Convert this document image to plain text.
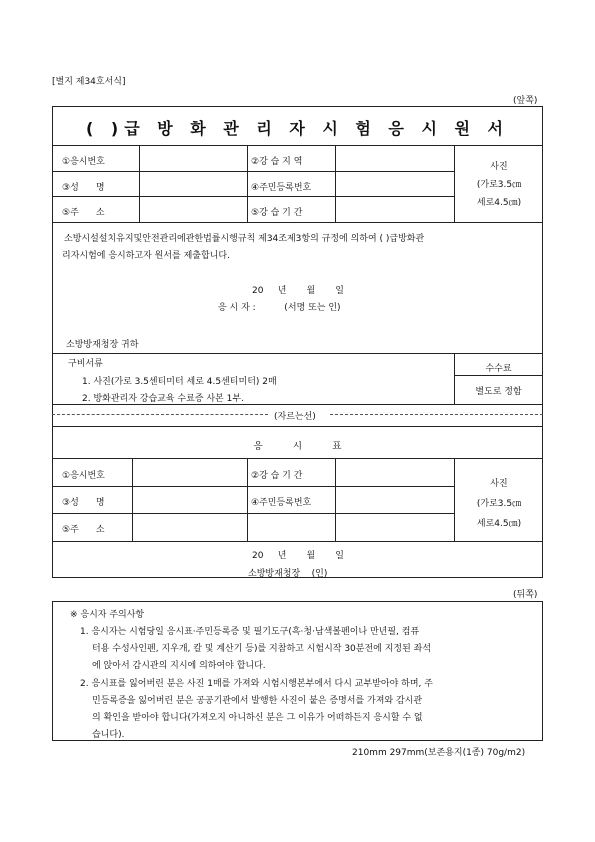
[별지 제34호서식]
(앞쪽)
( )급 방 화 관 리 자 시 험 응 시 원 서
①응시번호	②강 습 지 역
③성      명	④주민등록번호
⑤주      소	⑤강 습 기 간
사진
(가로3.5㎝
세로4.5㎝)
소방시설설치유지및안전관리에관한법률시행규칙 제34조제3항의 규정에 의하여 ( )급방화관
리자시험에 응시하고자 원서를 제출합니다.
20     년       월       일
응 시 자 :          (서명 또는 인)
소방방재청장 귀하
구비서류
1. 사진(가로 3.5센티미터 세로 4.5센티미터) 2매
2. 방화관리자 강습교육 수료증 사본 1부.
수수료
별도로 정함
(자르는선)
응          시          표
①응시번호	②강 습 기 간
③성      명	④주민등록번호
⑤주      소
사진
(가로3.5㎝
세로4.5㎝)
20     년       월       일
소방방재청장    (인)
(뒤쪽)
※ 응시자 주의사항
1. 응시자는 시험당일 응시표·주민등록증 및 필기도구(흑·청·남색볼펜이나 만년필, 컴퓨
터용 수성사인펜, 지우개, 칼 및 계산기 등)를 지참하고 시험시작 30분전에 지정된 좌석
에 앉아서 감시관의 지시에 의하여야 합니다.
2. 응시표를 잃어버린 분은 사진 1매를 가져와 시험시행본부에서 다시 교부받아야 하며, 주
민등록증을 잃어버린 분은 공공기관에서 발행한 사진이 붙은 증명서를 가져와 감시관
의 확인을 받아야 합니다(가져오지 아니하신 분은 그 이유가 어떠하든지 응시할 수 없
습니다).
210mm 297mm(보존용지(1종) 70g/m2)
